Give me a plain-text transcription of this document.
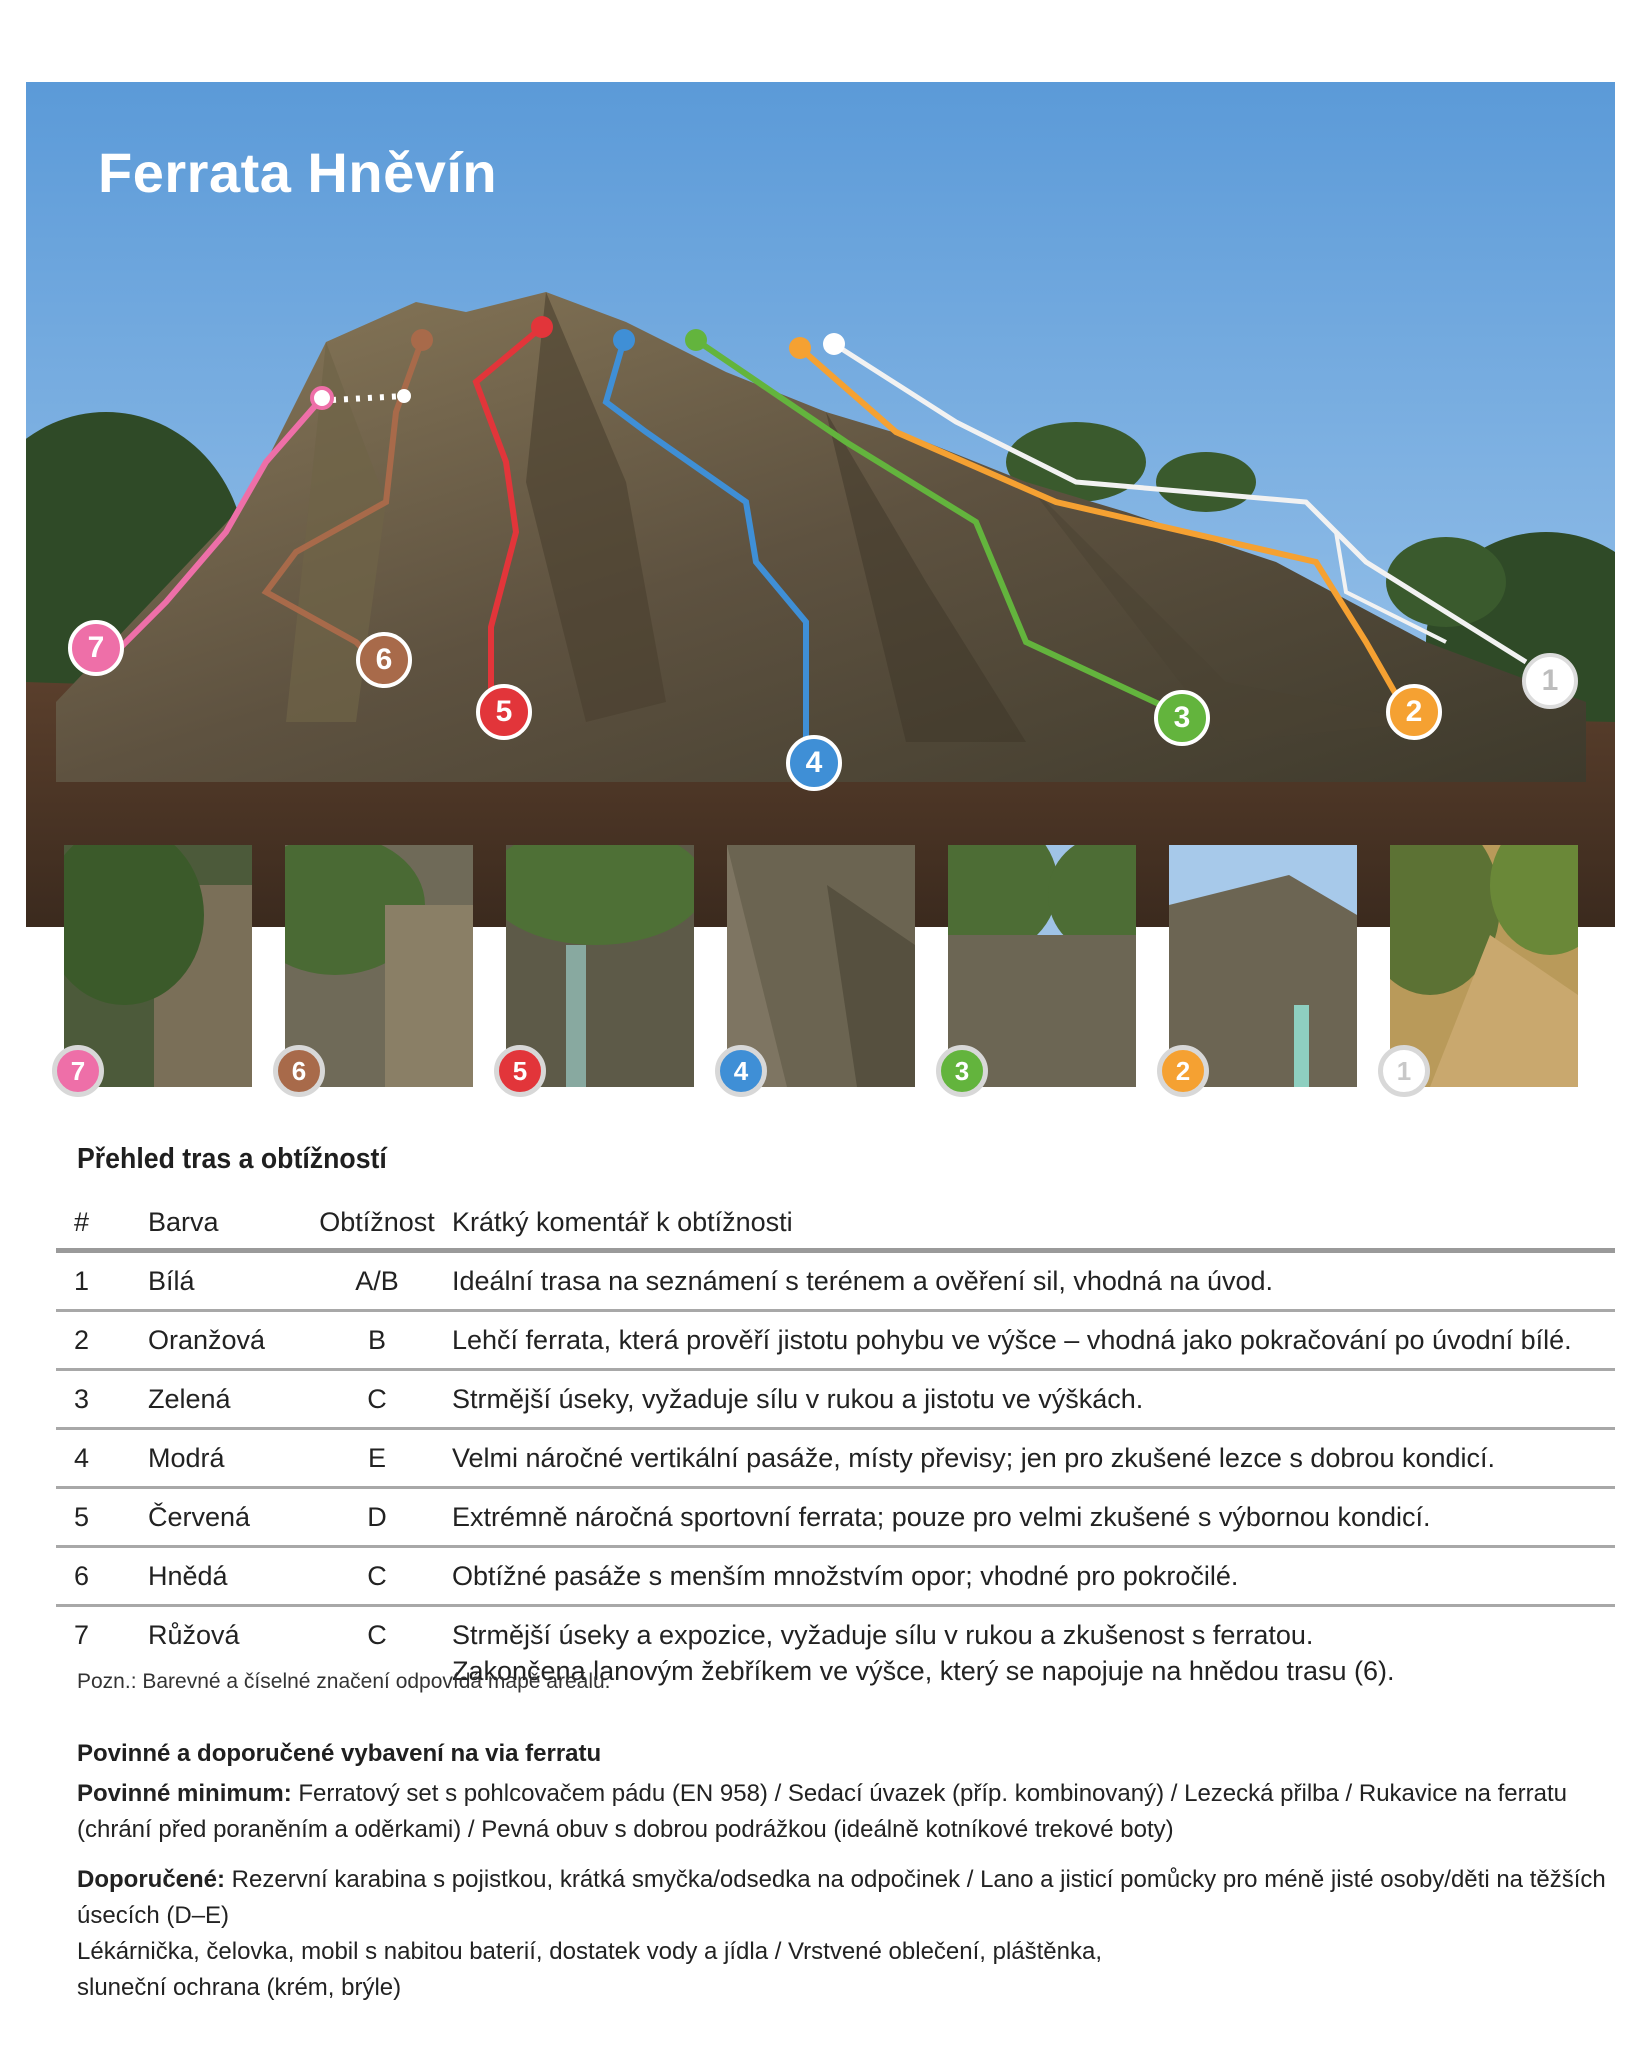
Ferrata Hněvín
1
2
3
4
5
6
7
7	6	5	4	3	2	1
Přehled tras a obtížností
#	Barva	Obtížnost	Krátký komentář k obtížnosti
1	Bílá	A/B	Ideální trasa na seznámení s terénem a ověření sil, vhodná na úvod.
2	Oranžová	B	Lehčí ferrata, která prověří jistotu pohybu ve výšce – vhodná jako pokračování po úvodní bílé.
3	Zelená	C	Strmější úseky, vyžaduje sílu v rukou a jistotu ve výškách.
4	Modrá	E	Velmi náročné vertikální pasáže, místy převisy; jen pro zkušené lezce s dobrou kondicí.
5	Červená	D	Extrémně náročná sportovní ferrata; pouze pro velmi zkušené s výbornou kondicí.
6	Hnědá	C	Obtížné pasáže s menším množstvím opor; vhodné pro pokročilé.
7	Růžová	C	Strmější úseky a expozice, vyžaduje sílu v rukou a zkušenost s ferratou.
Zakončena lanovým žebříkem ve výšce, který se napojuje na hnědou trasu (6).
Pozn.: Barevné a číselné značení odpovídá mapě areálu.
Povinné a doporučené vybavení na via ferratu
Povinné minimum: Ferratový set s pohlcovačem pádu (EN 958) / Sedací úvazek (příp. kombinovaný) / Lezecká přilba / Rukavice na ferratu
(chrání před poraněním a oděrkami) / Pevná obuv s dobrou podrážkou (ideálně kotníkové trekové boty)
Doporučené: Rezervní karabina s pojistkou, krátká smyčka/odsedka na odpočinek / Lano a jisticí pomůcky pro méně jisté osoby/děti na těžších úsecích (D–E)
Lékárnička, čelovka, mobil s nabitou baterií, dostatek vody a jídla / Vrstvené oblečení, pláštěnka,
sluneční ochrana (krém, brýle)
